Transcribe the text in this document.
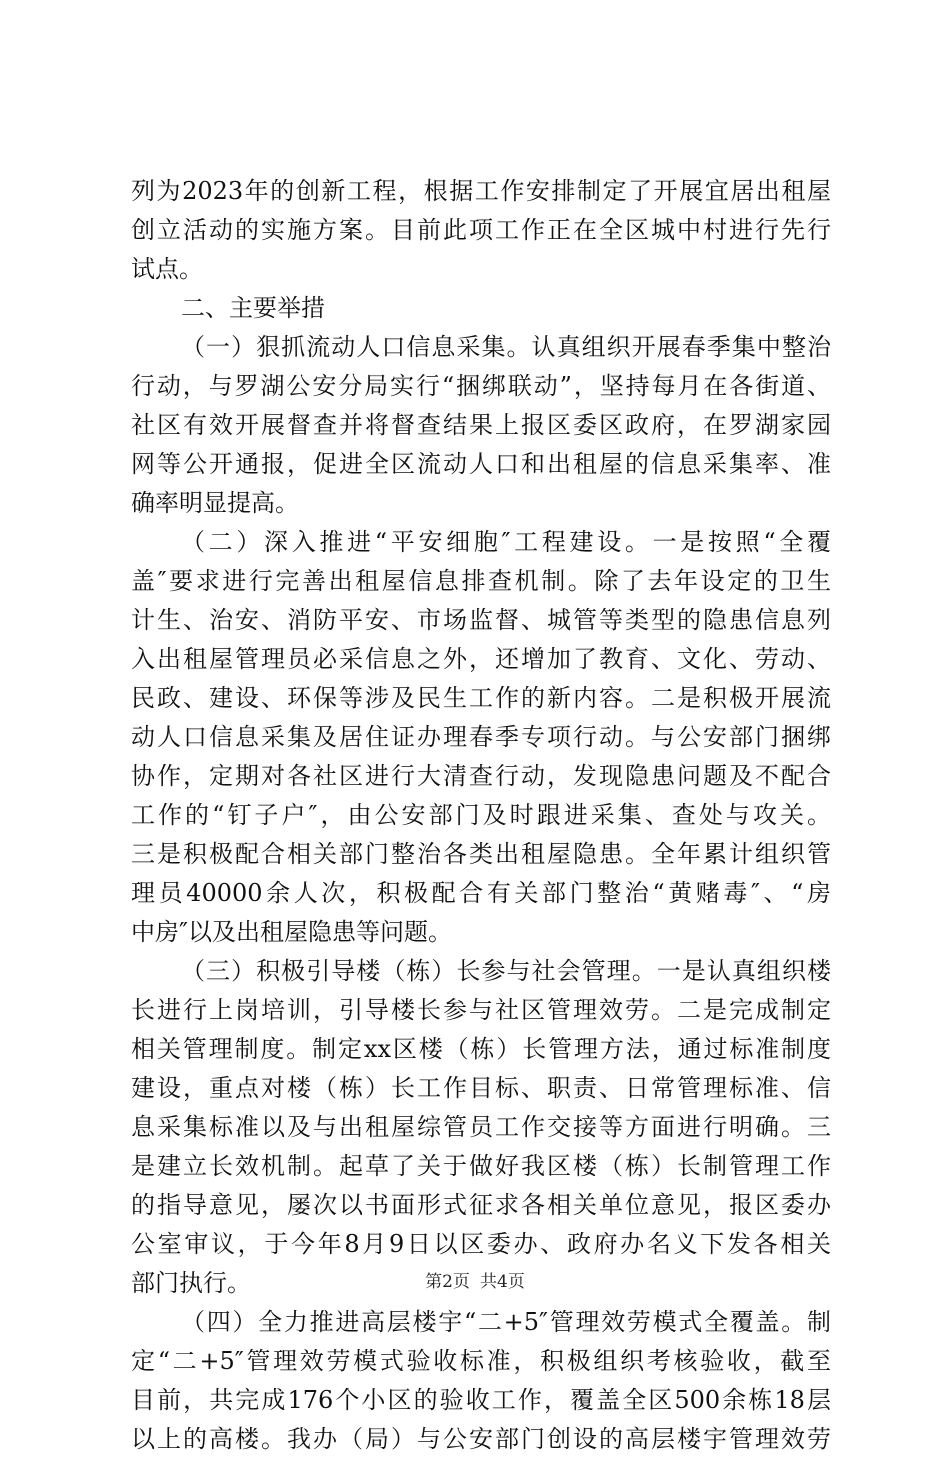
列为2023年的创新工程，根据工作安排制定了开展宜居出租屋
创立活动的实施方案。目前此项工作正在全区城中村进行先行
试点。
二、主要举措
（一）狠抓流动人口信息采集。认真组织开展春季集中整治
行动，与罗湖公安分局实行“捆绑联动”，坚持每月在各街道、
社区有效开展督查并将督查结果上报区委区政府，在罗湖家园
网等公开通报，促进全区流动人口和出租屋的信息采集率、准
确率明显提高。
（二）深入推进“平安细胞″工程建设。一是按照“全覆
盖″要求进行完善出租屋信息排查机制。除了去年设定的卫生
计生、治安、消防平安、市场监督、城管等类型的隐患信息列
入出租屋管理员必采信息之外，还增加了教育、文化、劳动、
民政、建设、环保等涉及民生工作的新内容。二是积极开展流
动人口信息采集及居住证办理春季专项行动。与公安部门捆绑
协作，定期对各社区进行大清查行动，发现隐患问题及不配合
工作的“钉子户″，由公安部门及时跟进采集、查处与攻关。
三是积极配合相关部门整治各类出租屋隐患。全年累计组织管
理员40000余人次，积极配合有关部门整治“黄赌毒″、“房
中房″以及出租屋隐患等问题。
（三）积极引导楼（栋）长参与社会管理。一是认真组织楼
长进行上岗培训，引导楼长参与社区管理效劳。二是完成制定
相关管理制度。制定xx区楼（栋）长管理方法，通过标准制度
建设，重点对楼（栋）长工作目标、职责、日常管理标准、信
息采集标准以及与出租屋综管员工作交接等方面进行明确。三
是建立长效机制。起草了关于做好我区楼（栋）长制管理工作
的指导意见，屡次以书面形式征求各相关单位意见，报区委办
公室审议，于今年8月9日以区委办、政府办名义下发各相关
部门执行。
（四）全力推进高层楼宇“二+5″管理效劳模式全覆盖。制
定“二+5″管理效劳模式验收标准，积极组织考核验收，截至
目前，共完成176个小区的验收工作，覆盖全区500余栋18层
以上的高楼。我办（局）与公安部门创设的高层楼宇管理效劳
第2页 共4页
